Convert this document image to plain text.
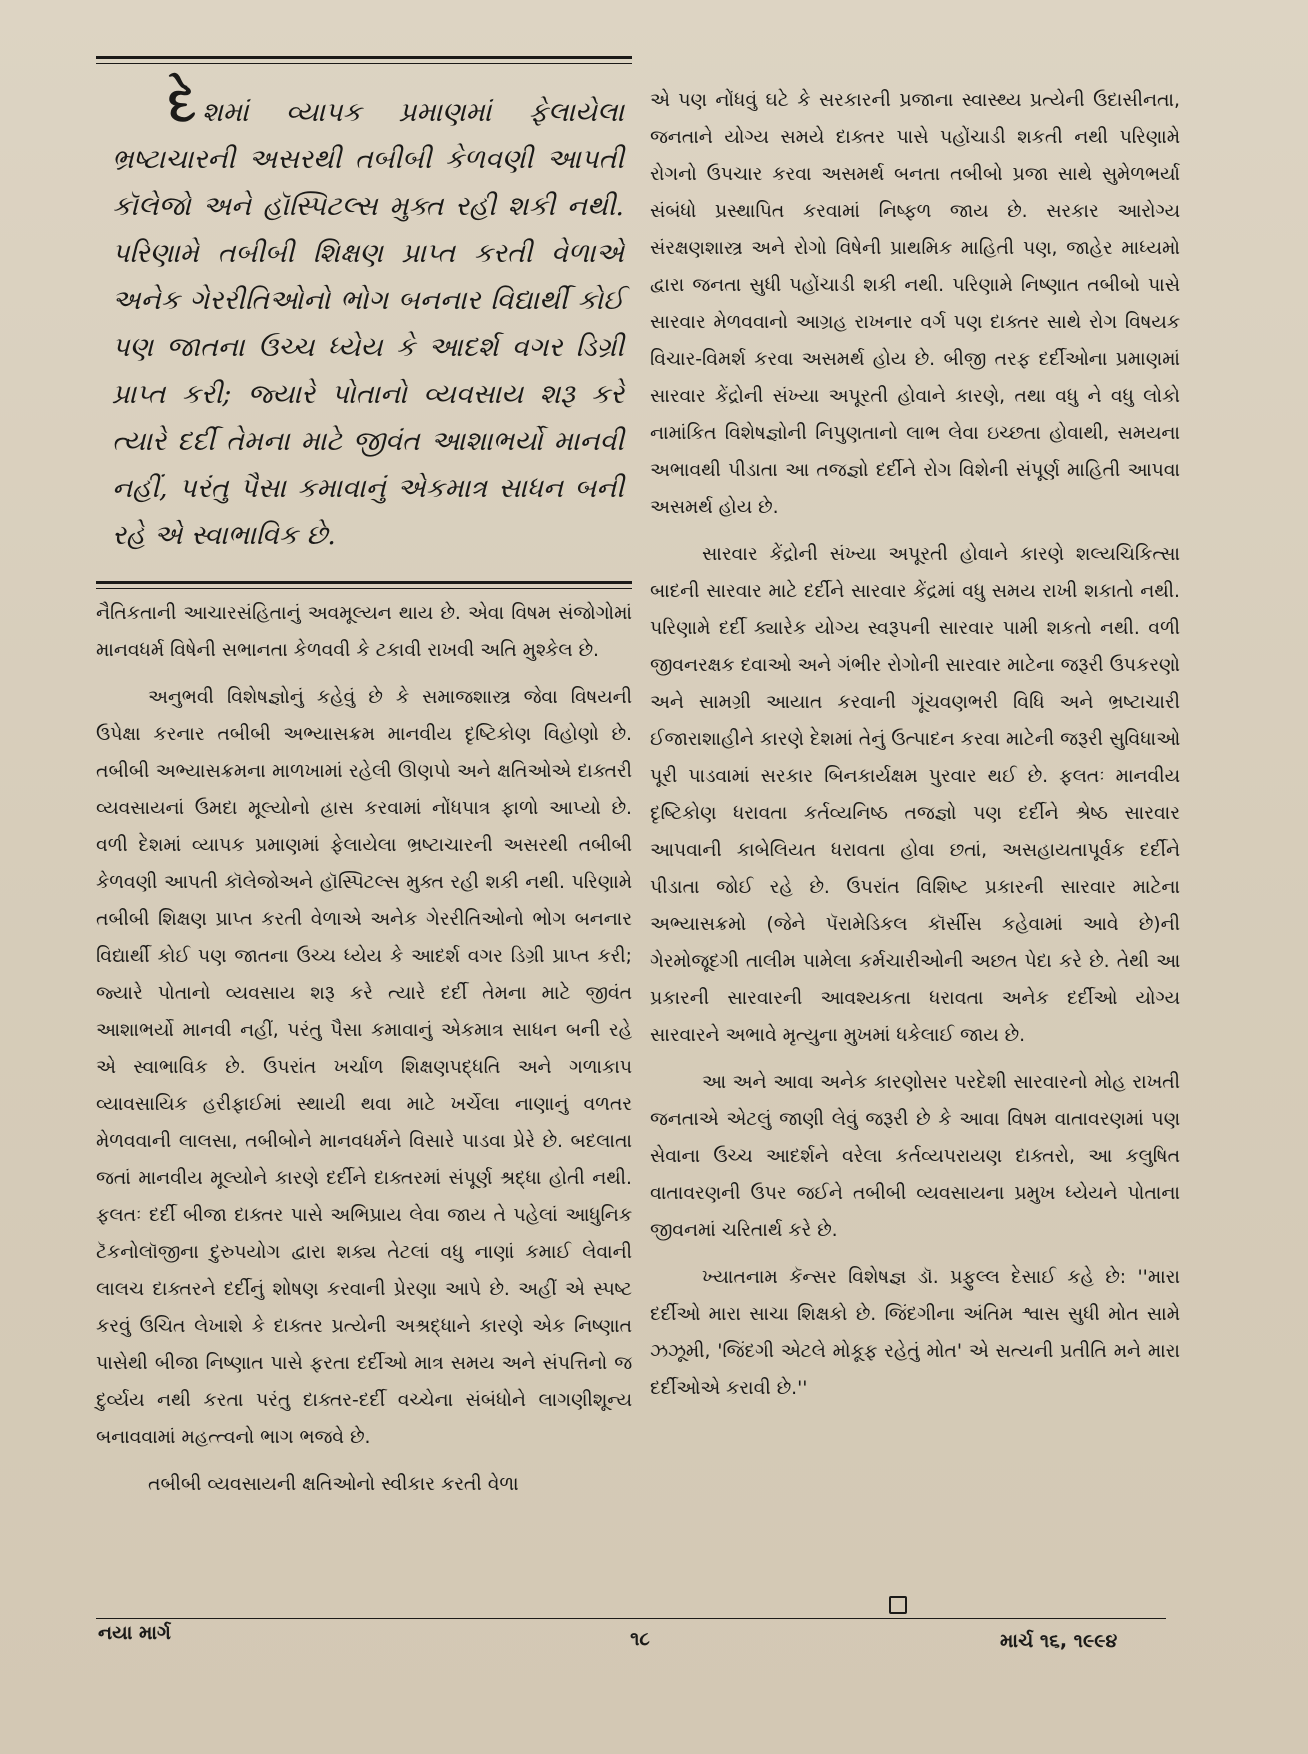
દેશમાં વ્યાપક પ્રમાણમાં ફેલાયેલા ભ્રષ્ટાચારની અસરથી તબીબી કેળવણી આપતી કૉલેજો અને હૉસ્પિટલ્સ મુક્ત રહી શકી નથી. પરિણામે તબીબી શિક્ષણ પ્રાપ્ત કરતી વેળાએ અનેક ગેરરીતિઓનો ભોગ બનનાર વિદ્યાર્થી કોઈ પણ જાતના ઉચ્ચ ધ્યેય કે આદર્શ વગર ડિગ્રી પ્રાપ્ત કરી; જ્યારે પોતાનો વ્યવસાય શરૂ કરે ત્યારે દર્દી તેમના માટે જીવંત આશાભર્યો માનવી નહીં, પરંતુ પૈસા કમાવાનું એકમાત્ર સાધન બની રહે એ સ્વાભાવિક છે.

નૈતિકતાની આચારસંહિતાનું અવમૂલ્યન થાય છે. એવા વિષમ સંજોગોમાં માનવધર્મ વિષેની સભાનતા કેળવવી કે ટકાવી રાખવી અતિ મુશ્કેલ છે.

અનુભવી વિશેષજ્ઞોનું કહેવું છે કે સમાજશાસ્ત્ર જેવા વિષયની ઉપેક્ષા કરનાર તબીબી અભ્યાસક્રમ માનવીય દૃષ્ટિકોણ વિહોણો છે. તબીબી અભ્યાસક્રમના માળખામાં રહેલી ઊણપો અને ક્ષતિઓએ દાક્તરી વ્યવસાયનાં ઉમદા મૂલ્યોનો હ્રાસ કરવામાં નોંધપાત્ર ફાળો આપ્યો છે. વળી દેશમાં વ્યાપક પ્રમાણમાં ફેલાયેલા ભ્રષ્ટાચારની અસરથી તબીબી કેળવણી આપતી કૉલેજોઅને હૉસ્પિટલ્સ મુક્ત રહી શકી નથી. પરિણામે તબીબી શિક્ષણ પ્રાપ્ત કરતી વેળાએ અનેક ગેરરીતિઓનો ભોગ બનનાર વિદ્યાર્થી કોઈ પણ જાતના ઉચ્ચ ધ્યેય કે આદર્શ વગર ડિગ્રી પ્રાપ્ત કરી; જ્યારે પોતાનો વ્યવસાય શરૂ કરે ત્યારે દર્દી તેમના માટે જીવંત આશાભર્યો માનવી નહીં, પરંતુ પૈસા કમાવાનું એકમાત્ર સાધન બની રહે એ સ્વાભાવિક છે. ઉપરાંત ખર્ચાળ શિક્ષણપદ્ધતિ અને ગળાકાપ વ્યાવસાયિક હરીફાઈમાં સ્થાયી થવા માટે ખર્ચેલા નાણાનું વળતર મેળવવાની લાલસા, તબીબોને માનવધર્મને વિસારે પાડવા પ્રેરે છે. બદલાતા જતાં માનવીય મૂલ્યોને કારણે દર્દીને દાક્તરમાં સંપૂર્ણ શ્રદ્ધા હોતી નથી. ફલતઃ દર્દી બીજા દાક્તર પાસે અભિપ્રાય લેવા જાય તે પહેલાં આધુનિક ટૅકનોલૉજીના દુરુપયોગ દ્વારા શક્ય તેટલાં વધુ નાણાં કમાઈ લેવાની લાલચ દાક્તરને દર્દીનું શોષણ કરવાની પ્રેરણા આપે છે. અહીં એ સ્પષ્ટ કરવું ઉચિત લેખાશે કે દાક્તર પ્રત્યેની અશ્રદ્ધાને કારણે એક નિષ્ણાત પાસેથી બીજા નિષ્ણાત પાસે ફરતા દર્દીઓ માત્ર સમય અને સંપત્તિનો જ દુર્વ્યય નથી કરતા પરંતુ દાક્તર-દર્દી વચ્ચેના સંબંધોને લાગણીશૂન્ય બનાવવામાં મહત્ત્વનો ભાગ ભજવે છે.

તબીબી વ્યવસાયની ક્ષતિઓનો સ્વીકાર કરતી વેળા

એ પણ નોંધવું ઘટે કે સરકારની પ્રજાના સ્વાસ્થ્ય પ્રત્યેની ઉદાસીનતા, જનતાને યોગ્ય સમયે દાક્તર પાસે પહોંચાડી શકતી નથી પરિણામે રોગનો ઉપચાર કરવા અસમર્થ બનતા તબીબો પ્રજા સાથે સુમેળભર્યા સંબંધો પ્રસ્થાપિત કરવામાં નિષ્ફળ જાય છે. સરકાર આરોગ્ય સંરક્ષણશાસ્ત્ર અને રોગો વિષેની પ્રાથમિક માહિતી પણ, જાહેર માધ્યમો દ્વારા જનતા સુધી પહોંચાડી શકી નથી. પરિણામે નિષ્ણાત તબીબો પાસે સારવાર મેળવવાનો આગ્રહ રાખનાર વર્ગ પણ દાક્તર સાથે રોગ વિષયક વિચાર-વિમર્શ કરવા અસમર્થ હોય છે. બીજી તરફ દર્દીઓના પ્રમાણમાં સારવાર કેંદ્રોની સંખ્યા અપૂરતી હોવાને કારણે, તથા વધુ ને વધુ લોકો નામાંકિત વિશેષજ્ઞોની નિપુણતાનો લાભ લેવા ઇચ્છતા હોવાથી, સમયના અભાવથી પીડાતા આ તજજ્ઞો દર્દીને રોગ વિશેની સંપૂર્ણ માહિતી આપવા અસમર્થ હોય છે.

સારવાર કેંદ્રોની સંખ્યા અપૂરતી હોવાને કારણે શલ્યચિકિત્સા બાદની સારવાર માટે દર્દીને સારવાર કેંદ્રમાં વધુ સમય રાખી શકાતો નથી. પરિણામે દર્દી ક્યારેક યોગ્ય સ્વરૂપની સારવાર પામી શકતો નથી. વળી જીવનરક્ષક દવાઓ અને ગંભીર રોગોની સારવાર માટેના જરૂરી ઉપકરણો અને સામગ્રી આયાત કરવાની ગૂંચવણભરી વિધિ અને ભ્રષ્ટાચારી ઈજારાશાહીને કારણે દેશમાં તેનું ઉત્પાદન કરવા માટેની જરૂરી સુવિધાઓ પૂરી પાડવામાં સરકાર બિનકાર્યક્ષમ પુરવાર થઈ છે. ફલતઃ માનવીય દૃષ્ટિકોણ ધરાવતા કર્તવ્યનિષ્ઠ તજજ્ઞો પણ દર્દીને શ્રેષ્ઠ સારવાર આપવાની કાબેલિયત ધરાવતા હોવા છતાં, અસહાયતાપૂર્વક દર્દીને પીડાતા જોઈ રહે છે. ઉપરાંત વિશિષ્ટ પ્રકારની સારવાર માટેના અભ્યાસક્રમો (જેને પૅરામેડિકલ કૉર્સીસ કહેવામાં આવે છે)ની ગેરમોજૂદગી તાલીમ પામેલા કર્મચારીઓની અછત પેદા કરે છે. તેથી આ પ્રકારની સારવારની આવશ્યકતા ધરાવતા અનેક દર્દીઓ યોગ્ય સારવારને અભાવે મૃત્યુના મુખમાં ધકેલાઈ જાય છે.

આ અને આવા અનેક કારણોસર પરદેશી સારવારનો મોહ રાખતી જનતાએ એટલું જાણી લેવું જરૂરી છે કે આવા વિષમ વાતાવરણમાં પણ સેવાના ઉચ્ચ આદર્શને વરેલા કર્તવ્યપરાયણ દાક્તરો, આ કલુષિત વાતાવરણની ઉપર જઈને તબીબી વ્યવસાયના પ્રમુખ ધ્યેયને પોતાના જીવનમાં ચરિતાર્થ કરે છે.

ખ્યાતનામ કૅન્સર વિશેષજ્ઞ ડૉ. પ્રફુલ્લ દેસાઈ કહે છે: ''મારા દર્દીઓ મારા સાચા શિક્ષકો છે. જિંદગીના અંતિમ શ્વાસ સુધી મોત સામે ઝઝૂમી, 'જિંદગી એટલે મોકૂફ રહેતું મોત' એ સત્યની પ્રતીતિ મને મારા દર્દીઓએ કરાવી છે.''

નયા માર્ગ	૧૮	માર્ચ ૧૬, ૧૯૯૪
